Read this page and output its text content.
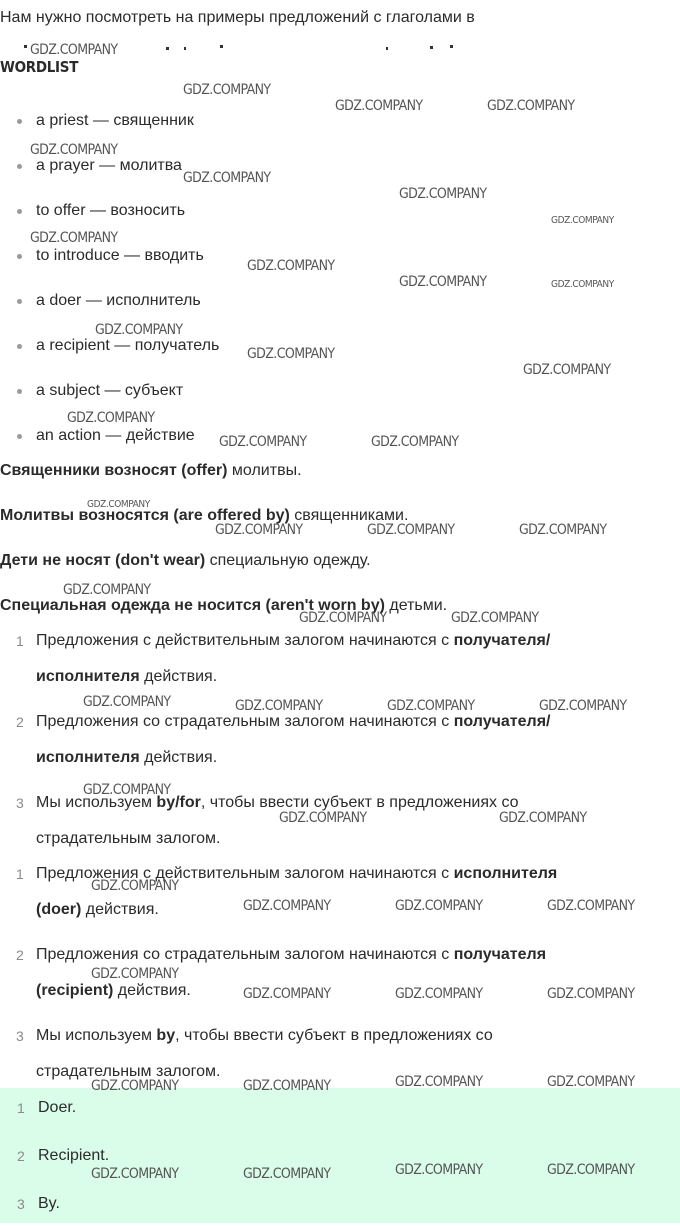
Нам нужно посмотреть на примеры предложений с глаголами в
WORDLIST
a priest — священник
a prayer — молитва
to offer — возносить
to introduce — вводить
a doer — исполнитель
a recipient — получатель
a subject — субъект
an action — действие
Священники возносят (offer) молитвы.
Молитвы возносятся (are offered by) священниками.
Дети не носят (don't wear) специальную одежду.
Специальная одежда не носится (aren't worn by) детьми.
1 Предложения с действительным залогом начинаются с получателя/
исполнителя действия.
2 Предложения со страдательным залогом начинаются с получателя/
исполнителя действия.
3 Мы используем by/for, чтобы ввести субъект в предложениях со
страдательным залогом.
1 Предложения с действительным залогом начинаются с исполнителя
(doer) действия.
2 Предложения со страдательным залогом начинаются с получателя
(recipient) действия.
3 Мы используем by, чтобы ввести субъект в предложениях со
страдательным залогом.
1 Doer.
2 Recipient.
3 By.
GDZ.COMPANY
GDZ.COMPANY
GDZ.COMPANY	GDZ.COMPANY
GDZ.COMPANY
GDZ.COMPANY
GDZ.COMPANY
GDZ.COMPANY
GDZ.COMPANY
GDZ.COMPANY
GDZ.COMPANY	GDZ.COMPANY
GDZ.COMPANY
GDZ.COMPANY
GDZ.COMPANY
GDZ.COMPANY
GDZ.COMPANY	GDZ.COMPANY
GDZ.COMPANY
GDZ.COMPANY	GDZ.COMPANY	GDZ.COMPANY
GDZ.COMPANY
GDZ.COMPANY	GDZ.COMPANY
GDZ.COMPANY	GDZ.COMPANY	GDZ.COMPANY	GDZ.COMPANY
GDZ.COMPANY
GDZ.COMPANY	GDZ.COMPANY
GDZ.COMPANY
GDZ.COMPANY	GDZ.COMPANY	GDZ.COMPANY
GDZ.COMPANY
GDZ.COMPANY	GDZ.COMPANY	GDZ.COMPANY
GDZ.COMPANY	GDZ.COMPANY	GDZ.COMPANY	GDZ.COMPANY
GDZ.COMPANY	GDZ.COMPANY	GDZ.COMPANY	GDZ.COMPANY
